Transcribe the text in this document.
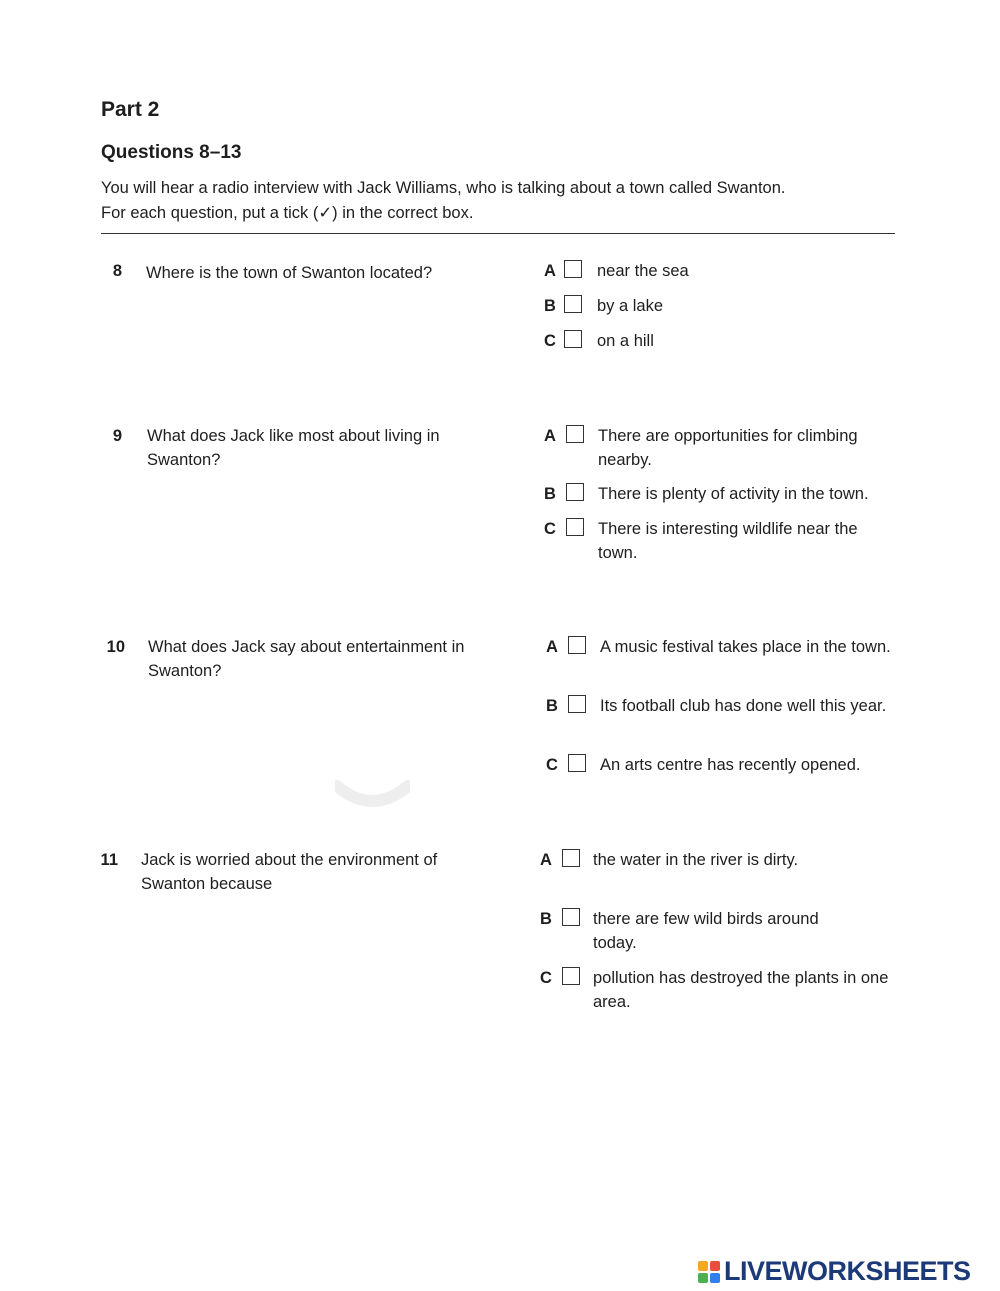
Part 2
Questions 8–13
You will hear a radio interview with Jack Williams, who is talking about a town called Swanton.
For each question, put a tick (✓) in the correct box.
8 Where is the town of Swanton located?	A near the sea
B by a lake
C on a hill
9 What does Jack like most about living in Swanton?
A	There are opportunities for climbing nearby.
B	There is plenty of activity in the town.
C	There is interesting wildlife near the town.
10 What does Jack say about entertainment in Swanton?
A	A music festival takes place in the town.
B	Its football club has done well this year.
C	An arts centre has recently opened.
11 Jack is worried about the environment of Swanton because
A the water in the river is dirty.
B there are few wild birds around today.
C pollution has destroyed the plants in one area.
LIVEWORKSHEETS
